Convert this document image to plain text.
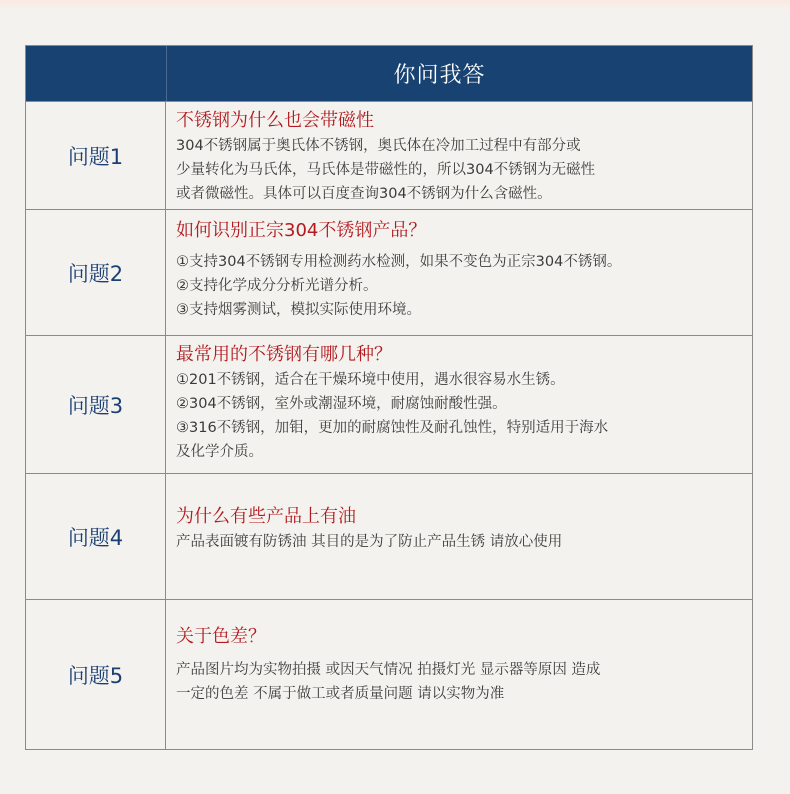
你问我答
问题1
不锈钢为什么也会带磁性
304不锈钢属于奥氏体不锈钢，奥氏体在冷加工过程中有部分或
少量转化为马氏体，马氏体是带磁性的，所以304不锈钢为无磁性
或者微磁性。具体可以百度查询304不锈钢为什么含磁性。
问题2
如何识别正宗304不锈钢产品？
①支持304不锈钢专用检测药水检测，如果不变色为正宗304不锈钢。
②支持化学成分分析光谱分析。
③支持烟雾测试，模拟实际使用环境。
问题3
最常用的不锈钢有哪几种？
①201不锈钢，适合在干燥环境中使用，遇水很容易水生锈。
②304不锈钢，室外或潮湿环境，耐腐蚀耐酸性强。
③316不锈钢，加钼，更加的耐腐蚀性及耐孔蚀性，特别适用于海水
及化学介质。
问题4
为什么有些产品上有油
产品表面镀有防锈油 其目的是为了防止产品生锈 请放心使用
问题5
关于色差？
产品图片均为实物拍摄 或因天气情况 拍摄灯光 显示器等原因 造成
一定的色差 不属于做工或者质量问题 请以实物为准
